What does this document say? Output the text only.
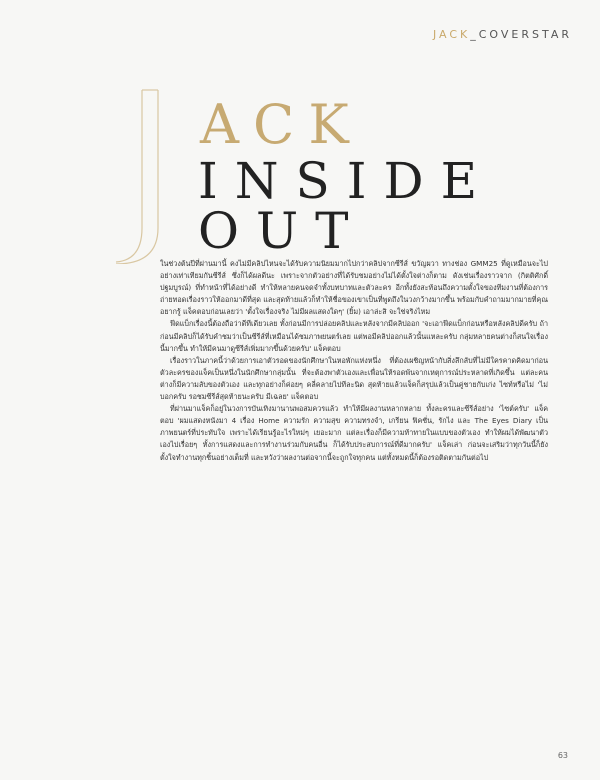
JACK_COVERSTAR
ACK
INSIDE OUT

ในช่วงต้นปีที่ผ่านมานี้ คงไม่มีคลิปไหนจะได้รับความนิยมมากไปกว่าคลิปจากซีรีส์ ขวัญผวา ทางช่อง GMM25 ที่ดูเหมือนจะไปอย่างเท่าเทียมกันซีรีส์ ซึ่งก็ได้ผลดีนะ เพราะจากตัวอย่างที่ได้รับชมอย่างไม่ได้ตั้งใจต่างก็ตาม ดังเช่นเรื่องราวจาก (กิตติศักดิ์ ปฐมบูรณ์) ที่ทำหน้าที่ได้อย่างดี ทำให้หลายคนจดจำทั้งบทบาทและตัวละคร อีกทั้งยังสะท้อนถึงความตั้งใจของทีมงานที่ต้องการถ่ายทอดเรื่องราวให้ออกมาดีที่สุด และสุดท้ายแล้วก็ทำให้ชื่อของเขาเป็นที่พูดถึงในวงกว้างมากขึ้น พร้อมกับคำถามมากมายที่คุณอยากรู้ แจ็คตอบก่อนเลยว่า 'ตั้งใจเรื่องจริง ไม่มีผลแสดงใดๆ' (ยิ้ม) เอาล่ะสิ จะใช่จริงไหม

ฟีดแบ็กเรื่องนี้ต้องถือว่าดีทีเดียวเลย ทั้งก่อนมีการปล่อยคลิปและหลังจากมีคลิปออก 'จะเอาฟีดแบ็กก่อนหรือหลังคลิปดีครับ ถ้าก่อนมีคลิปก็ได้รับคำชมว่าเป็นซีรีส์ที่เหมือนได้ชมภาพยนตร์เลย แต่พอมีคลิปออกแล้วนั้นแหละครับ กลุ่มหลายคนต่างก็สนใจเรื่องนี้มากขึ้น ทำให้มีคนมาดูซีรีส์เพิ่มมากขึ้นด้วยครับ' แจ็คตอบ

เรื่องราวในภาคนี้ว่าด้วยการเอาตัวรอดของนักศึกษาในหอพักแห่งหนึ่ง ที่ต้องเผชิญหน้ากับสิ่งลึกลับที่ไม่มีใครคาดคิดมาก่อน ตัวละครของแจ็คเป็นหนึ่งในนักศึกษากลุ่มนั้น ที่จะต้องพาตัวเองและเพื่อนให้รอดพ้นจากเหตุการณ์ประหลาดที่เกิดขึ้น แต่ละคนต่างก็มีความลับของตัวเอง และทุกอย่างก็ค่อยๆ คลี่คลายไปทีละนิด สุดท้ายแล้วแจ็คก็สรุปแล้วเป็นคู่ชายกับเก่ง ไซท์หรือไม่ 'ไม่บอกครับ รอชมซีรีส์สุดท้ายนะครับ มีเฉลย' แจ็คตอบ

ที่ผ่านมาแจ็คก็อยู่ในวงการบันเทิงมานานพอสมควรแล้ว ทำให้มีผลงานหลากหลาย ทั้งละครและซีรีส์อย่าง 'ไซต์ครับ' แจ็คตอบ 'ผมแสดงหนังมา 4 เรื่อง Home ความรัก ความสุข ความทรงจำ, เกรียน ฟิคชั่น, รักไง และ The Eyes Diary เป็นภาพยนตร์ที่ประทับใจ เพราะได้เรียนรู้อะไรใหม่ๆ เยอะมาก แต่ละเรื่องก็มีความท้าทายในแบบของตัวเอง ทำให้ผมได้พัฒนาตัวเองไปเรื่อยๆ ทั้งการแสดงและการทำงานร่วมกับคนอื่น ก็ได้รับประสบการณ์ที่ดีมากครับ' แจ็คเล่า ก่อนจะเสริมว่าทุกวันนี้ก็ยังตั้งใจทำงานทุกชิ้นอย่างเต็มที่ และหวังว่าผลงานต่อจากนี้จะถูกใจทุกคน แต่ทั้งหมดนี้ก็ต้องรอติดตามกันต่อไป

63
